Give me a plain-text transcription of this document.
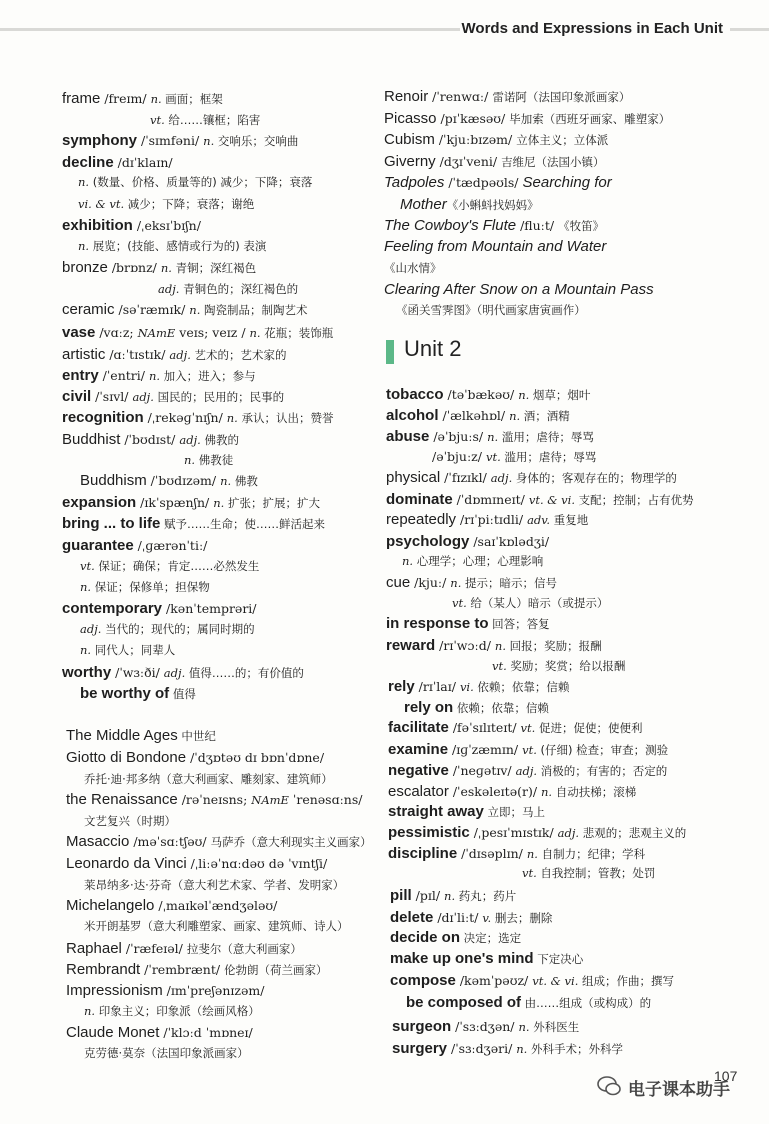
Words and Expressions in Each Unit
frame /freɪm/ n. 画面；框架
vt. 给……镶框；陷害
symphony /ˈsɪmfəni/ n. 交响乐；交响曲
decline /dɪˈklaɪn/
n. (数量、价格、质量等的) 减少；下降；衰落
vi. & vt. 减少；下降；衰落；谢绝
exhibition /ˌeksɪˈbɪʃn/
n. 展览；(技能、感情或行为的) 表演
bronze /brɒnz/ n. 青铜；深红褐色
adj. 青铜色的；深红褐色的
ceramic /səˈræmɪk/ n. 陶瓷制品；制陶艺术
vase /vɑːz; NAmE veɪs; veɪz / n. 花瓶；装饰瓶
artistic /ɑːˈtɪstɪk/ adj. 艺术的；艺术家的
entry /ˈentri/ n. 加入；进入；参与
civil /ˈsɪvl/ adj. 国民的；民用的；民事的
recognition /ˌrekəɡˈnɪʃn/ n. 承认；认出；赞誉
Buddhist /ˈbʊdɪst/ adj. 佛教的
n. 佛教徒
Buddhism /ˈbʊdɪzəm/ n. 佛教
expansion /ɪkˈspænʃn/ n. 扩张；扩展；扩大
bring ... to life 赋予……生命；使……鲜活起来
guarantee /ˌɡærənˈtiː/
vt. 保证；确保；肯定……必然发生
n. 保证；保修单；担保物
contemporary /kənˈtemprəri/
adj. 当代的；现代的；属同时期的
n. 同代人；同辈人
worthy /ˈwɜːði/ adj. 值得……的；有价值的
be worthy of 值得
The Middle Ages 中世纪
Giotto di Bondone /ˈdʒɒtəʊ dɪ bɒnˈdɒne/
乔托·迪·邦多纳（意大利画家、雕刻家、建筑师）
the Renaissance /rəˈneɪsns; NAmE ˈrenəsɑːns/
文艺复兴（时期）
Masaccio /məˈsɑːtʃəʊ/ 马萨乔（意大利现实主义画家）
Leonardo da Vinci /ˌliːəˈnɑːdəʊ də ˈvɪntʃi/
莱昂纳多·达·芬奇（意大利艺术家、学者、发明家）
Michelangelo /ˌmaɪkəlˈændʒələʊ/
米开朗基罗（意大利雕塑家、画家、建筑师、诗人）
Raphael /ˈræfeɪəl/ 拉斐尔（意大利画家）
Rembrandt /ˈrembrænt/ 伦勃朗（荷兰画家）
Impressionism /ɪmˈpreʃənɪzəm/
n. 印象主义；印象派（绘画风格）
Claude Monet /ˈklɔːd ˈmɒneɪ/
克劳德·莫奈（法国印象派画家）
Renoir /ˈrenwɑː/ 雷诺阿（法国印象派画家）
Picasso /pɪˈkæsəʊ/ 毕加索（西班牙画家、雕塑家）
Cubism /ˈkjuːbɪzəm/ 立体主义；立体派
Giverny /dʒɪˈveni/ 吉维尼（法国小镇）
Tadpoles /ˈtædpəʊls/ Searching for
Mother《小蝌蚪找妈妈》
The Cowboy's Flute /fluːt/ 《牧笛》
Feeling from Mountain and Water
《山水情》
Clearing After Snow on a Mountain Pass
《函关雪霁图》（明代画家唐寅画作）
Unit 2
tobacco /təˈbækəʊ/ n. 烟草；烟叶
alcohol /ˈælkəhɒl/ n. 酒；酒精
abuse /əˈbjuːs/ n. 滥用；虐待；辱骂
/əˈbjuːz/ vt. 滥用；虐待；辱骂
physical /ˈfɪzɪkl/ adj. 身体的；客观存在的；物理学的
dominate /ˈdɒmɪneɪt/ vt. & vi. 支配；控制；占有优势
repeatedly /rɪˈpiːtɪdli/ adv. 重复地
psychology /saɪˈkɒlədʒi/
n. 心理学；心理；心理影响
cue /kjuː/ n. 提示；暗示；信号
vt. 给（某人）暗示（或提示）
in response to 回答；答复
reward /rɪˈwɔːd/ n. 回报；奖励；报酬
vt. 奖励；奖赏；给以报酬
rely /rɪˈlaɪ/ vi. 依赖；依靠；信赖
rely on 依赖；依靠；信赖
facilitate /fəˈsɪlɪteɪt/ vt. 促进；促使；使便利
examine /ɪɡˈzæmɪn/ vt. (仔细) 检查；审查；测验
negative /ˈneɡətɪv/ adj. 消极的；有害的；否定的
escalator /ˈeskəleɪtə(r)/ n. 自动扶梯；滚梯
straight away 立即；马上
pessimistic /ˌpesɪˈmɪstɪk/ adj. 悲观的；悲观主义的
discipline /ˈdɪsəplɪn/ n. 自制力；纪律；学科
vt. 自我控制；管教；处罚
pill /pɪl/ n. 药丸；药片
delete /dɪˈliːt/ v. 删去；删除
decide on 决定；选定
make up one's mind 下定决心
compose /kəmˈpəʊz/ vt. & vi. 组成；作曲；撰写
be composed of 由……组成（或构成）的
surgeon /ˈsɜːdʒən/ n. 外科医生
surgery /ˈsɜːdʒəri/ n. 外科手术；外科学
107
电子课本助手
